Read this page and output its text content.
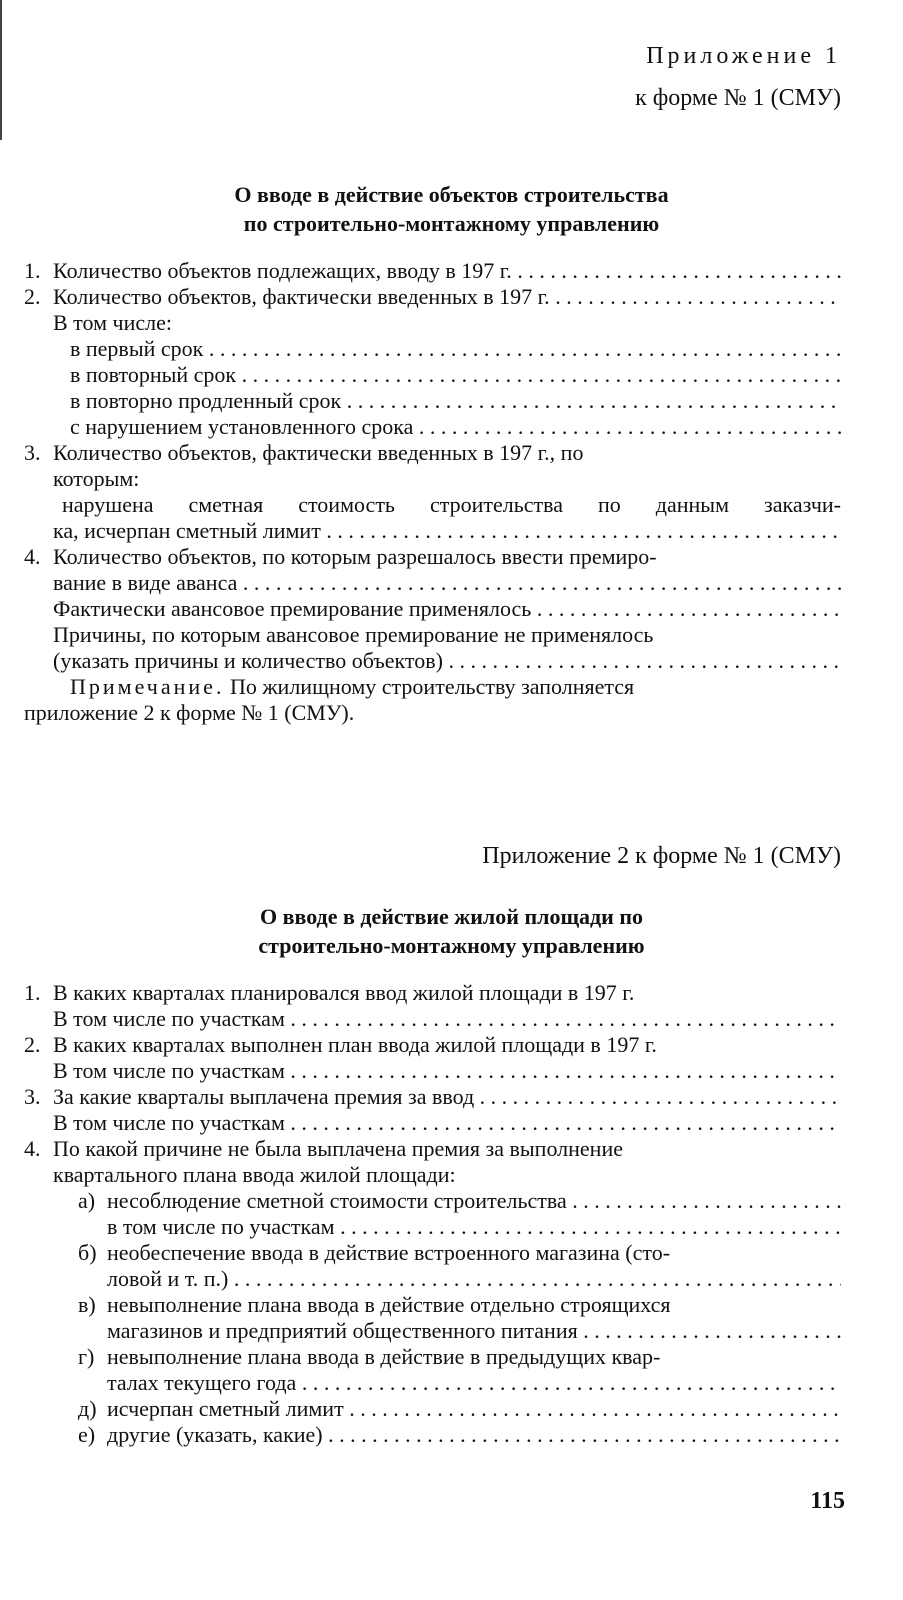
Приложение 1
к форме № 1 (СМУ)
О вводе в действие объектов строительства
по строительно-монтажному управлению
1. Количество объектов подлежащих, вводу в 197 г. . . .
2. Количество объектов, фактически введенных в 197 г. . . .
В том числе:
в первый срок . . .
в повторный срок . . .
в повторно продленный срок . . .
с нарушением установленного срока . . .
3. Количество объектов, фактически введенных в 197 г., по
которым:
нарушена сметная стоимость строительства по данным заказчи-
ка, исчерпан сметный лимит . . .
4. Количество объектов, по которым разрешалось ввести премиро-
вание в виде аванса . . .
Фактически авансовое премирование применялось . . .
Причины, по которым авансовое премирование не применялось
(указать причины и количество объектов) . . .
Примечание. По жилищному строительству заполняется
приложение 2 к форме № 1 (СМУ).
Приложение 2 к форме № 1 (СМУ)
О вводе в действие жилой площади по
строительно-монтажному управлению
1. В каких кварталах планировался ввод жилой площади в 197 г.
В том числе по участкам . . .
2. В каких кварталах выполнен план ввода жилой площади в 197 г.
В том числе по участкам . . .
3. За какие кварталы выплачена премия за ввод . . .
В том числе по участкам . . .
4. По какой причине не была выплачена премия за выполнение
квартального плана ввода жилой площади:
а) несоблюдение сметной стоимости строительства . . .
в том числе по участкам . . .
б) необеспечение ввода в действие встроенного магазина (сто-
ловой и т. п.) . . .
в) невыполнение плана ввода в действие отдельно строящихся
магазинов и предприятий общественного питания . . .
г) невыполнение плана ввода в действие в предыдущих квар-
талах текущего года . . .
д) исчерпан сметный лимит . . .
е) другие (указать, какие) . . .
115
